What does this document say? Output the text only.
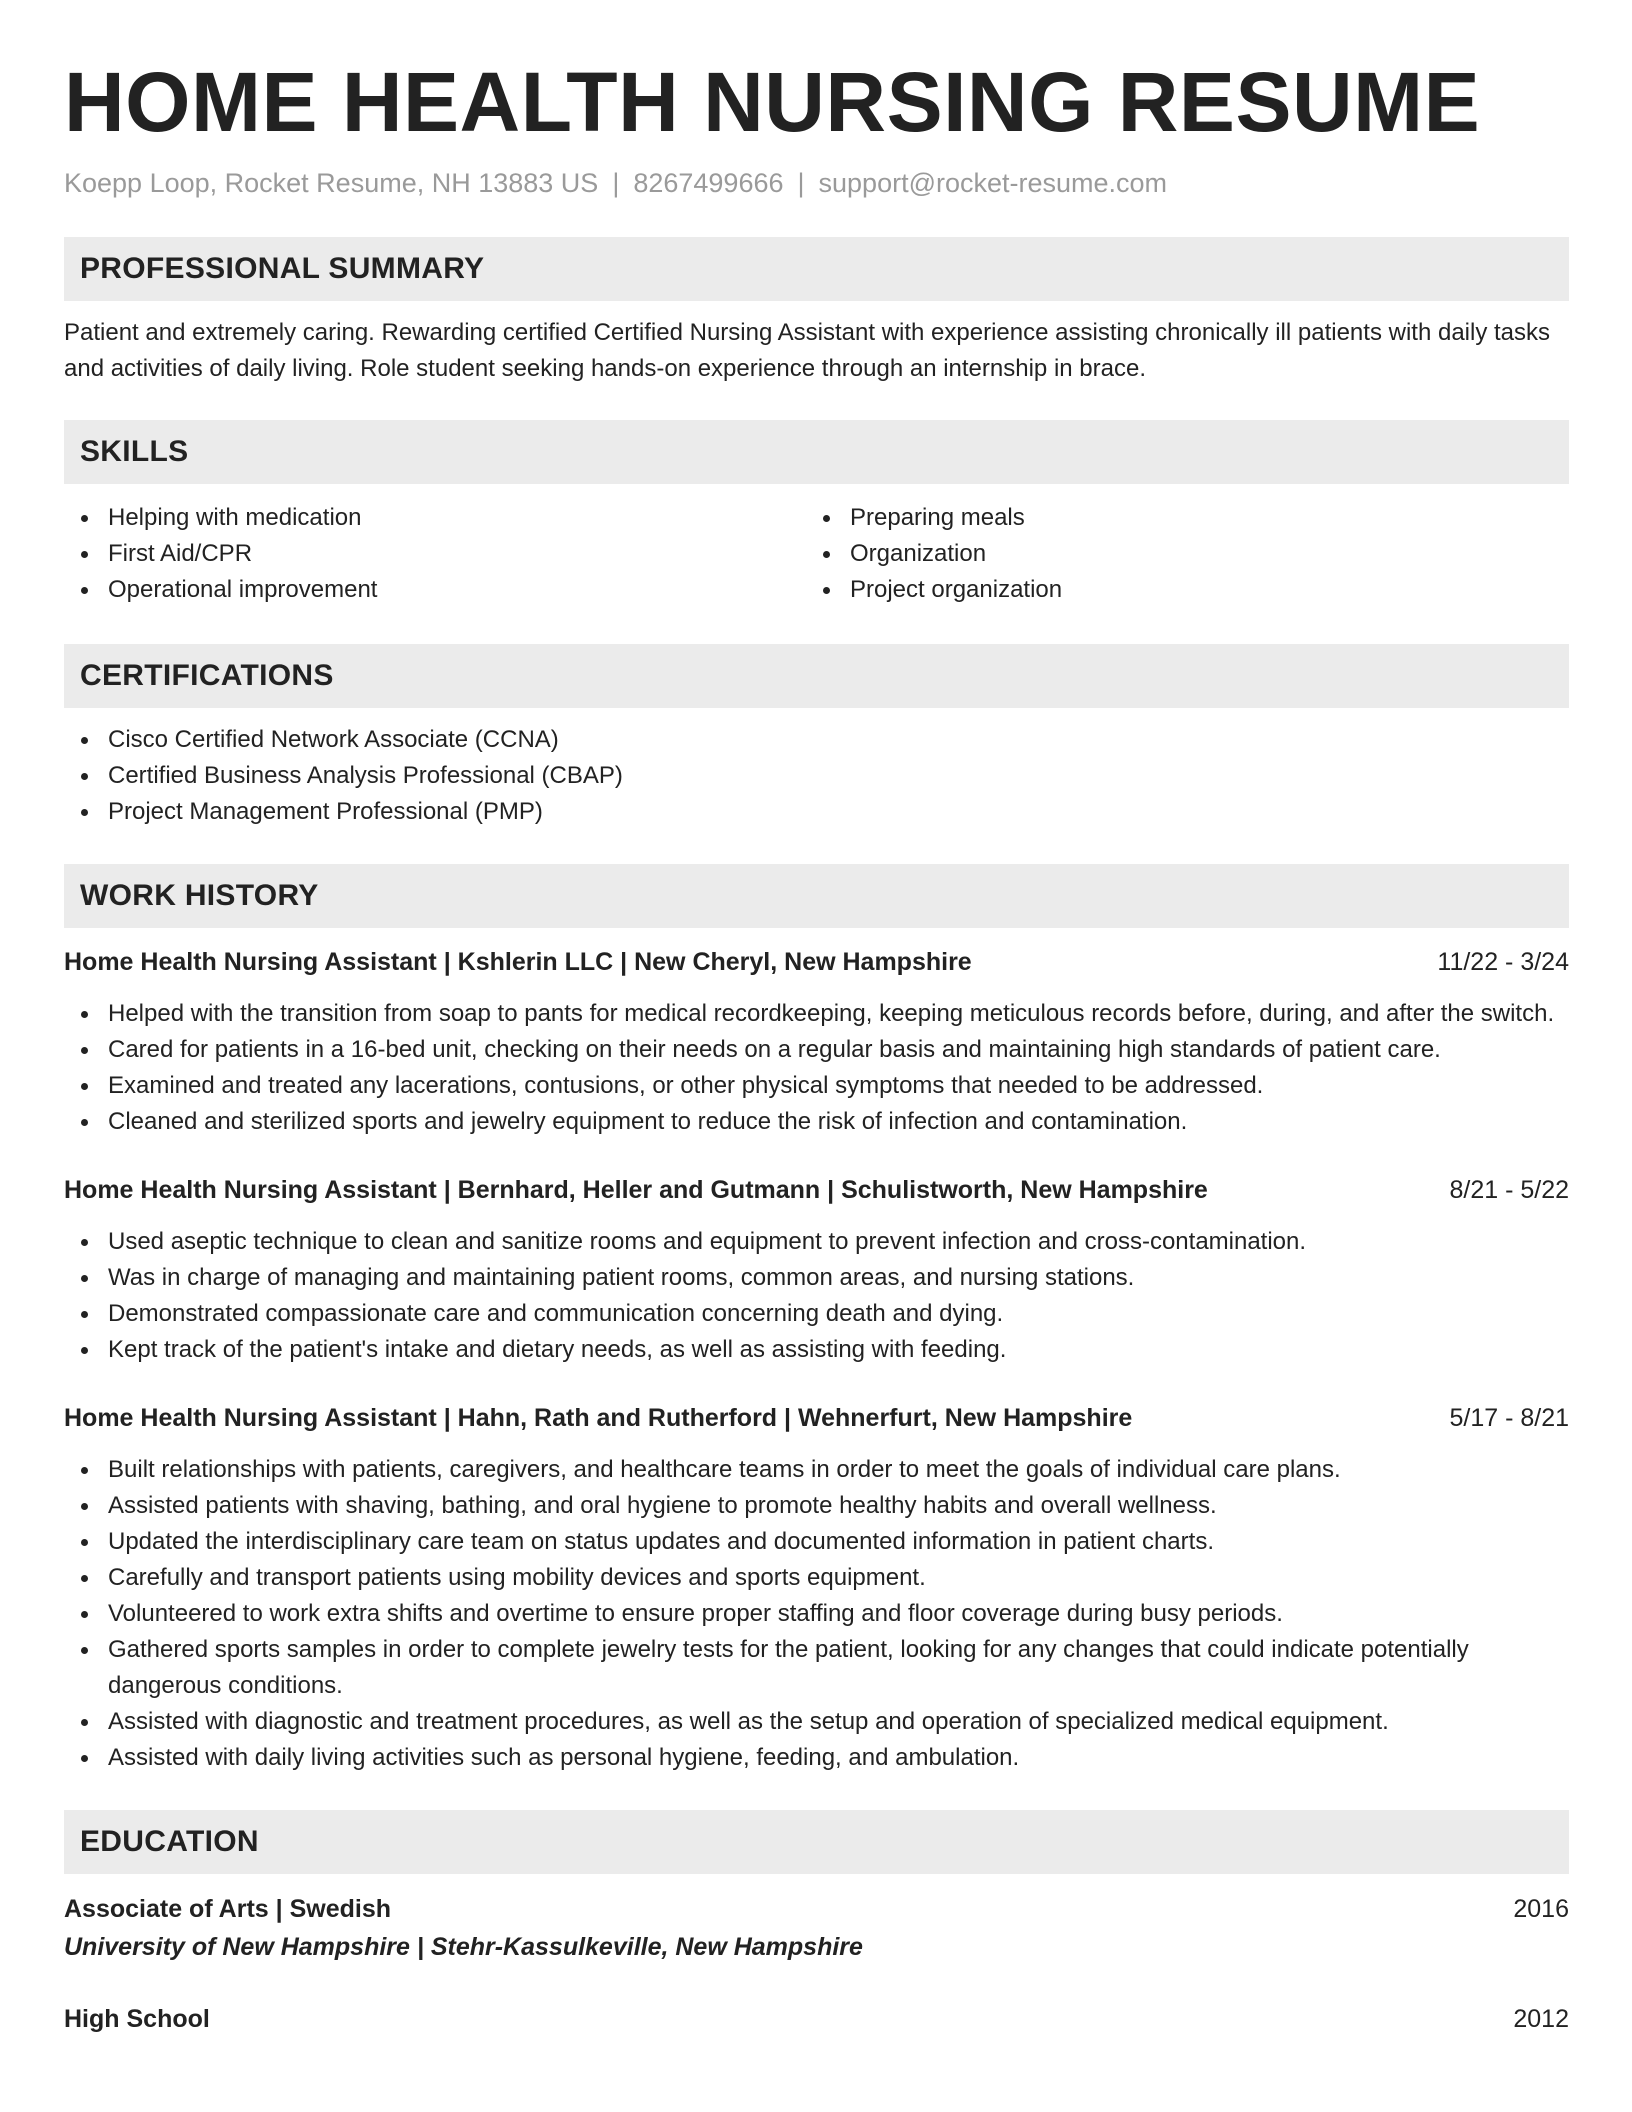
HOME HEALTH NURSING RESUME
Koepp Loop, Rocket Resume, NH 13883 US | 8267499666 | support@rocket-resume.com
PROFESSIONAL SUMMARY

Patient and extremely caring. Rewarding certified Certified Nursing Assistant with experience assisting chronically ill patients with daily tasks and activities of daily living. Role student seeking hands-on experience through an internship in brace.

SKILLS
Helping with medication
First Aid/CPR
Operational improvement
Preparing meals
Organization
Project organization
CERTIFICATIONS
Cisco Certified Network Associate (CCNA)
Certified Business Analysis Professional (CBAP)
Project Management Professional (PMP)
WORK HISTORY
Home Health Nursing Assistant | Kshlerin LLC | New Cheryl, New Hampshire	11/22 - 3/24
Helped with the transition from soap to pants for medical recordkeeping, keeping meticulous records before, during, and after the switch.
Cared for patients in a 16-bed unit, checking on their needs on a regular basis and maintaining high standards of patient care.
Examined and treated any lacerations, contusions, or other physical symptoms that needed to be addressed.
Cleaned and sterilized sports and jewelry equipment to reduce the risk of infection and contamination.
Home Health Nursing Assistant | Bernhard, Heller and Gutmann | Schulistworth, New Hampshire	8/21 - 5/22
Used aseptic technique to clean and sanitize rooms and equipment to prevent infection and cross-contamination.
Was in charge of managing and maintaining patient rooms, common areas, and nursing stations.
Demonstrated compassionate care and communication concerning death and dying.
Kept track of the patient's intake and dietary needs, as well as assisting with feeding.
Home Health Nursing Assistant | Hahn, Rath and Rutherford | Wehnerfurt, New Hampshire	5/17 - 8/21
Built relationships with patients, caregivers, and healthcare teams in order to meet the goals of individual care plans.
Assisted patients with shaving, bathing, and oral hygiene to promote healthy habits and overall wellness.
Updated the interdisciplinary care team on status updates and documented information in patient charts.
Carefully and transport patients using mobility devices and sports equipment.
Volunteered to work extra shifts and overtime to ensure proper staffing and floor coverage during busy periods.
Gathered sports samples in order to complete jewelry tests for the patient, looking for any changes that could indicate potentially dangerous conditions.
Assisted with diagnostic and treatment procedures, as well as the setup and operation of specialized medical equipment.
Assisted with daily living activities such as personal hygiene, feeding, and ambulation.
EDUCATION
Associate of Arts | Swedish	2016
University of New Hampshire | Stehr-Kassulkeville, New Hampshire
High School	2012
